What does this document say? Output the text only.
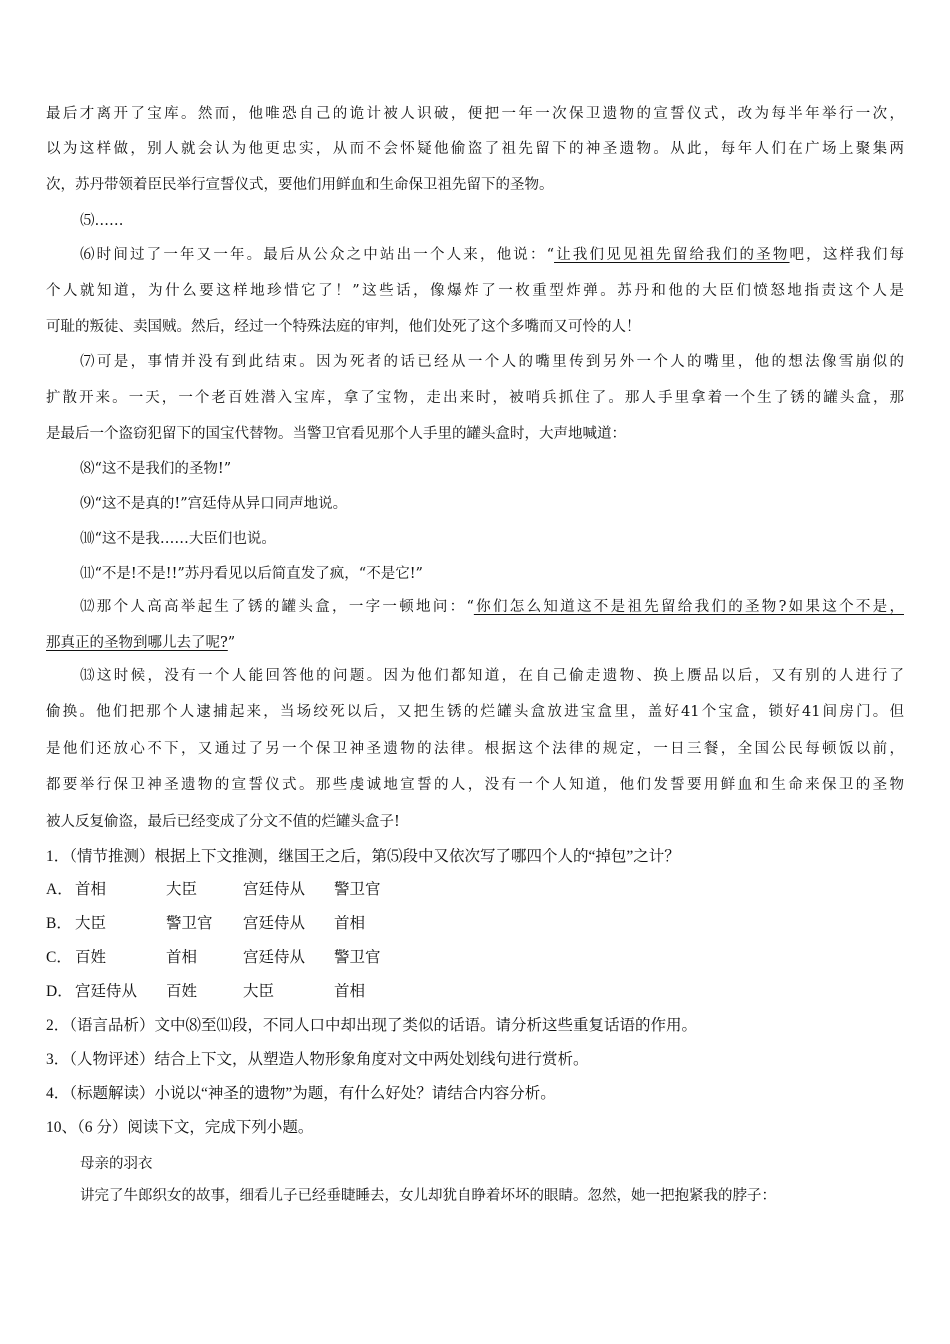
最后才离开了宝库。然而，他唯恐自己的诡计被人识破，便把一年一次保卫遗物的宣誓仪式，改为每半年举行一次，
以为这样做，别人就会认为他更忠实，从而不会怀疑他偷盗了祖先留下的神圣遗物。从此，每年人们在广场上聚集两
次，苏丹带领着臣民举行宣誓仪式，要他们用鲜血和生命保卫祖先留下的圣物。
⑸……
⑹时间过了一年又一年。最后从公众之中站出一个人来，他说：“让我们见见祖先留给我们的圣物吧，这样我们每
个人就知道，为什么要这样地珍惜它了！”这些话，像爆炸了一枚重型炸弹。苏丹和他的大臣们愤怒地指责这个人是
可耻的叛徒、卖国贼。然后，经过一个特殊法庭的审判，他们处死了这个多嘴而又可怜的人！
⑺可是，事情并没有到此结束。因为死者的话已经从一个人的嘴里传到另外一个人的嘴里，他的想法像雪崩似的
扩散开来。一天，一个老百姓潜入宝库，拿了宝物，走出来时，被哨兵抓住了。那人手里拿着一个生了锈的罐头盒，那
是最后一个盗窃犯留下的国宝代替物。当警卫官看见那个人手里的罐头盒时，大声地喊道：
⑻“这不是我们的圣物!”
⑼“这不是真的!”宫廷侍从异口同声地说。
⑽“这不是我……大臣们也说。
⑾“不是!不是!!”苏丹看见以后简直发了疯，“不是它!”
⑿那个人高高举起生了锈的罐头盒，一字一顿地问：“你们怎么知道这不是祖先留给我们的圣物?如果这个不是，
那真正的圣物到哪儿去了呢?”
⒀这时候，没有一个人能回答他的问题。因为他们都知道，在自己偷走遗物、换上赝品以后，又有别的人进行了
偷换。他们把那个人逮捕起来，当场绞死以后，又把生锈的烂罐头盒放进宝盒里，盖好41个宝盒，锁好41间房门。但
是他们还放心不下，又通过了另一个保卫神圣遗物的法律。根据这个法律的规定，一日三餐，全国公民每顿饭以前，
都要举行保卫神圣遗物的宣誓仪式。那些虔诚地宣誓的人，没有一个人知道，他们发誓要用鲜血和生命来保卫的圣物
被人反复偷盗，最后已经变成了分文不值的烂罐头盒子!
1．（情节推测）根据上下文推测，继国王之后，第⑸段中又依次写了哪四个人的“掉包”之计？
A． 首相	大臣	宫廷侍从 警卫官
B． 大臣	警卫官 宫廷侍从 首相
C． 百姓	首相	宫廷侍从 警卫官
D． 宫廷侍从 百姓	大臣	首相
2．（语言品析）文中⑻至⑾段，不同人口中却出现了类似的话语。请分析这些重复话语的作用。
3．（人物评述）结合上下文，从塑造人物形象角度对文中两处划线句进行赏析。
4．（标题解读）小说以“神圣的遗物”为题，有什么好处？请结合内容分析。
10、（6 分）阅读下文，完成下列小题。
母亲的羽衣
讲完了牛郎织女的故事，细看儿子已经垂睫睡去，女儿却犹自睁着坏坏的眼睛。忽然，她一把抱紧我的脖子：
